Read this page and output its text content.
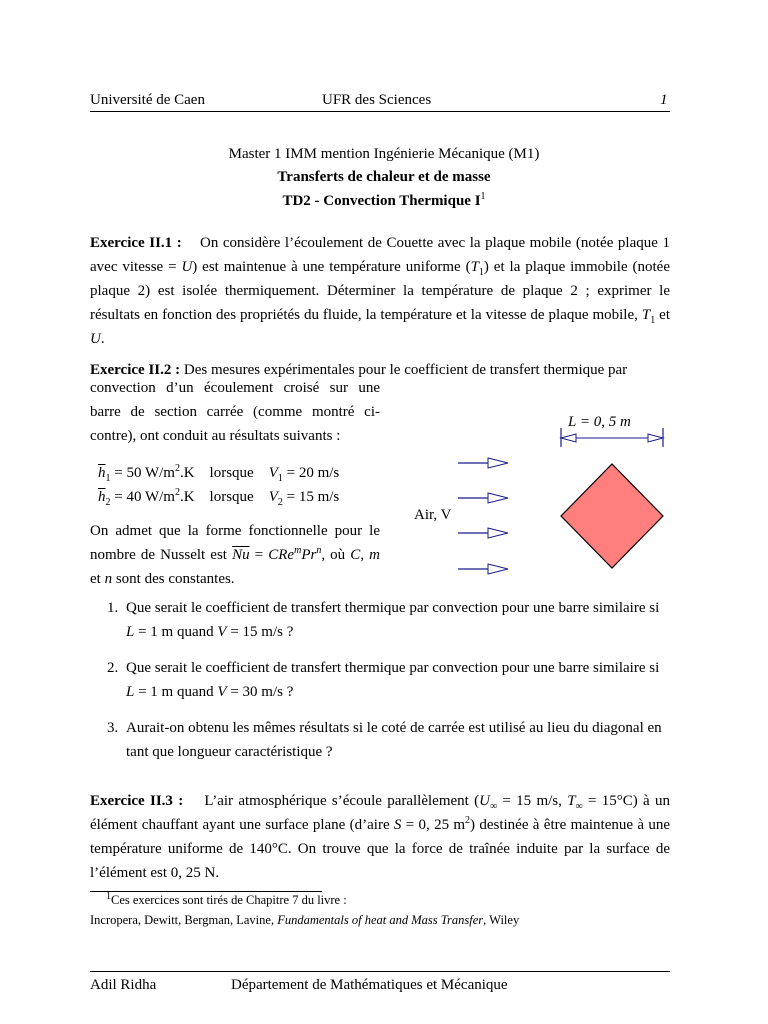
Université de Caen	UFR des Sciences	1
Master 1 IMM mention Ingénierie Mécanique (M1)
Transferts de chaleur et de masse
TD2 - Convection Thermique $I^1$
Exercice II.1 : On considère l’écoulement de Couette avec la plaque mobile (notée plaque 1 avec vitesse = U) est maintenue à une température uniforme $(T_1)$ et la plaque immobile (notée plaque 2) est isolée thermiquement. Déterminer la température de plaque 2 ; exprimer le résultats en fonction des propriétés du fluide, la température et la vitesse de plaque mobile, $T_1$ et U.
Exercice II.2 : Des mesures expérimentales pour le coefficient de transfert thermique par
convection d’un écoulement croisé sur une barre de section carrée (comme montré ci-contre), ont conduit au résultats suivants :
$\overline{h}_1 = 50$ $W/m^2.K$ lorsque $V_1 = 20$ m/s
$\overline{h}_2 = 40$ $W/m^2.K$ lorsque $V_2 = 15$ m/s
On admet que la forme fonctionnelle pour le nombre de Nusselt est $\overline{Nu} = CRe^mPr^n$, où C, m et n sont des constantes.
L = 0, 5 m
Air, V
1. Que serait le coefficient de transfert thermique par convection pour une barre similaire si L = 1 m quand V = 15 m/s ?
2. Que serait le coefficient de transfert thermique par convection pour une barre similaire si L = 1 m quand V = 30 m/s ?
3. Aurait-on obtenu les mêmes résultats si le coté de carrée est utilisé au lieu du diagonal en tant que longueur caractéristique ?
Exercice II.3 : L’air atmosphérique s’écoule parallèlement ($U_\infty = 15$ m/s, $T_\infty = 15^\circ C$) à un élément chauffant ayant une surface plane (d’aire S = 0, 25 $m^2$) destinée à être maintenue à une température uniforme de 140°C. On trouve que la force de traînée induite par la surface de l’élément est 0, 25 N.
$^1$Ces exercices sont tirés de Chapitre 7 du livre :
Incropera, Dewitt, Bergman, Lavine, Fundamentals of heat and Mass Transfer, Wiley
Adil Ridha	Département de Mathématiques et Mécanique
